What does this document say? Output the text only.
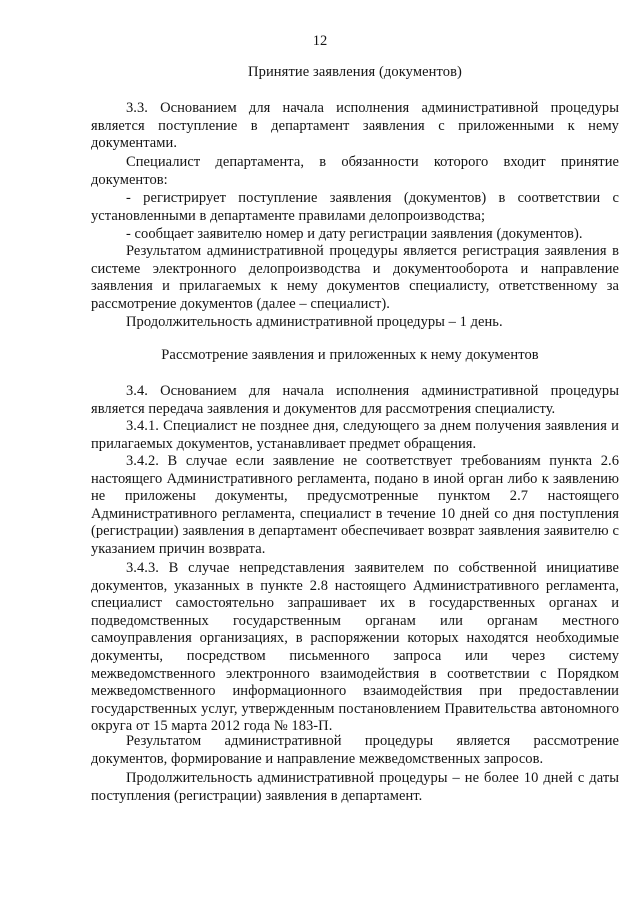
12
Принятие заявления (документов)

3.3. Основанием для начала исполнения административной процедуры является поступление в департамент заявления с приложенными к нему документами.

Специалист департамента, в обязанности которого входит принятие документов:

- регистрирует поступление заявления (документов) в соответствии с установленными в департаменте правилами делопроизводства;

- сообщает заявителю номер и дату регистрации заявления (документов).

Результатом административной процедуры является регистрация заявления в системе электронного делопроизводства и документооборота и направление заявления и прилагаемых к нему документов специалисту, ответственному за рассмотрение документов (далее – специалист).

Продолжительность административной процедуры – 1 день.

Рассмотрение заявления и приложенных к нему документов

3.4. Основанием для начала исполнения административной процедуры является передача заявления и документов для рассмотрения специалисту.

3.4.1. Специалист не позднее дня, следующего за днем получения заявления и прилагаемых документов, устанавливает предмет обращения.

3.4.2. В случае если заявление не соответствует требованиям пункта 2.6 настоящего Административного регламента, подано в иной орган либо к заявлению не приложены документы, предусмотренные пунктом 2.7 настоящего Административного регламента, специалист в течение 10 дней со дня поступления (регистрации) заявления в департамент обеспечивает возврат заявления заявителю с указанием причин возврата.

3.4.3. В случае непредставления заявителем по собственной инициативе документов, указанных в пункте 2.8 настоящего Административного регламента, специалист самостоятельно запрашивает их в государственных органах и подведомственных государственным органам или органам местного самоуправления организациях, в распоряжении которых находятся необходимые документы, посредством письменного запроса или через систему межведомственного электронного взаимодействия в соответствии с Порядком межведомственного информационного взаимодействия при предоставлении государственных услуг, утвержденным постановлением Правительства автономного округа от 15 марта 2012 года № 183-П.

Результатом административной процедуры является рассмотрение документов, формирование и направление межведомственных запросов.

Продолжительность административной процедуры – не более 10 дней с даты поступления (регистрации) заявления в департамент.
